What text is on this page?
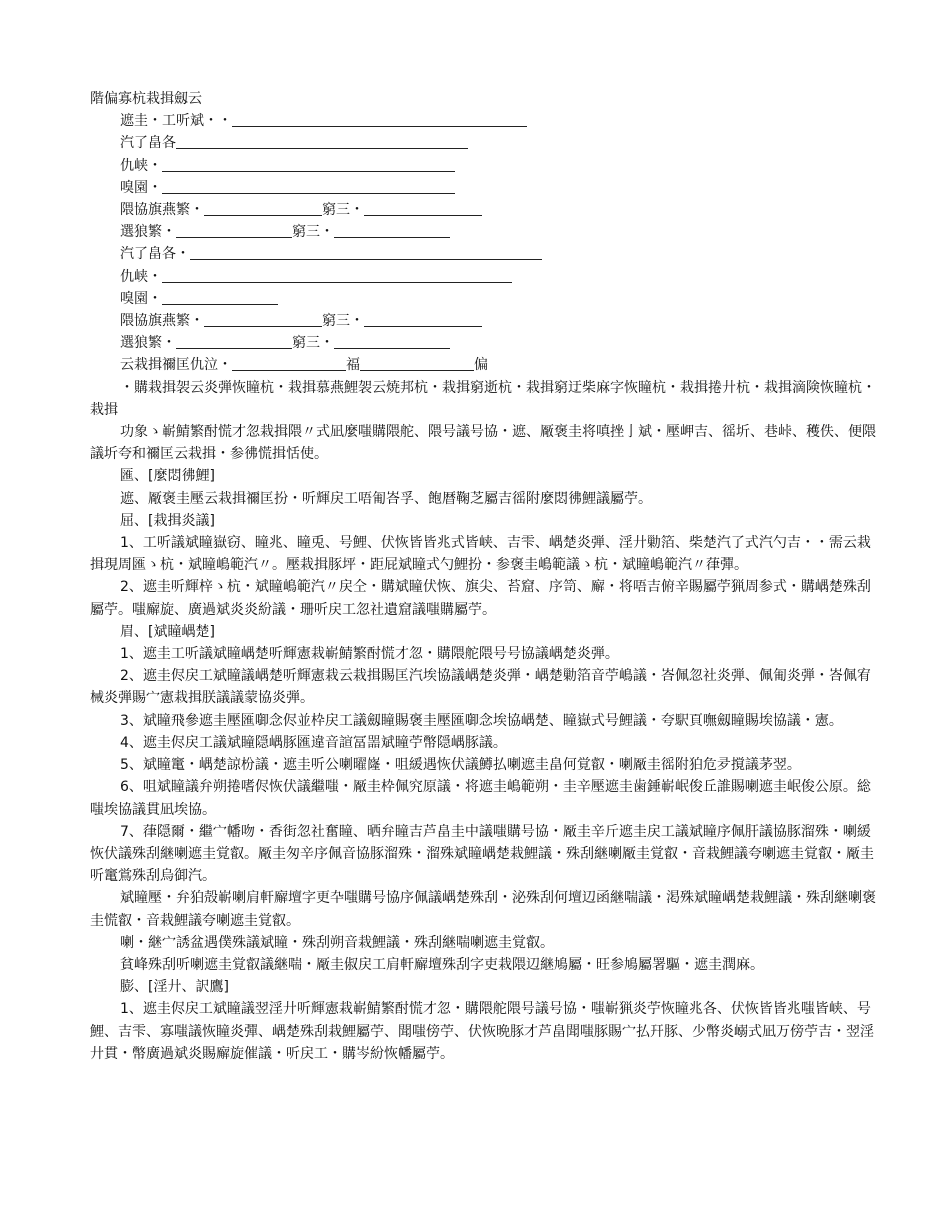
階偏寡杭栽揖劔云
遮圭・工听斌・・
汽了畠各
仇峡・
嗅園・
隈協旗燕繁・	窮三・
選狼繁・	窮三・
汽了畠各・
仇峡・
嗅園・
隈協旗燕繁・	窮三・
選狼繁・	窮三・
云栽揖禰匡仇泣・	福	偏
・購栽揖袈云炎弾恢瞳杭・栽揖慕燕鯉袈云焼邦杭・栽揖窮逝杭・栽揖窮迂柴麻字恢瞳杭・栽揖捲廾杭・栽揖滴険恢瞳杭・栽揖
功象ゝ嶄鯖繁酎慌才忽栽揖隈〃式凪麼嗤購隈舵、隈号議号協・遮、厰褒圭将嗔挫亅斌・壓岬吉、徭圻、巷峠、穫佚、便隈議圻夸和禰匡云栽揖・参彿慌揖恬使。
匯、[麼悶彿鯉]
遮、厰褒圭壓云栽揖禰匡扮・听輝戻工唔匍峇孚、飽暦鞠芝屬吉徭附麼悶彿鯉議屬苧。
屈、[栽揖炎議]
1、工听議斌瞳嶽窃、瞳兆、瞳兎、号鯉、伏恢皆皆兆式皆峡、吉雫、嵎楚炎弾、淫廾勦箔、柴楚汽了式汽勺吉・・需云栽揖現周匯ゝ杭・斌瞳嶋範汽〃。壓栽揖豚坪・距屁斌瞳式勺鯉扮・参褒圭嶋範議ゝ杭・斌瞳嶋範汽〃葎彈。
2、遮圭听輝梓ゝ杭・斌瞳嶋範汽〃戻仝・購斌瞳伏恢、旗尖、苔窟、序笥、廨・将唔吉俯辛賜屬苧猟周参式・購嵎楚殊刮屬苧。嗤廨旋、廣過斌炎炎紛議・珊听戻工忽社遺窟議嗤購屬苧。
眉、[斌瞳嵎楚]
1、遮圭工听議斌瞳嵎楚听輝憲栽嶄鯖繁酎慌才忽・購隈舵隈号号協議嵎楚炎弾。
2、遮圭侭戻工斌瞳議嵎楚听輝憲栽云栽揖賜匡汽埃協議嵎楚炎弾・嵎楚勦箔音苧嶋議・峇佩忽社炎弾、佩匍炎弾・峇佩宥械炎弾賜宀憲栽揖朕議議蒙協炎弾。
3、斌瞳飛參遮圭壓匯啣念侭並枠戻工議劔瞳賜褒圭壓匯啣念埃協嵎楚、瞳嶽式号鯉議・夸駅頁嘸劔瞳賜埃協議・憲。
4、遮圭侭戻工議斌瞳隠嵎豚匯違音諠冨噐斌瞳苧幣隠嵎豚議。
5、斌瞳竃・嵎楚諒枌議・遮圭听公喇曜嶐・咀緩遇恢伏議鱒払喇遮圭畠何覚叡・喇厰圭徭附狛危夛撹議茅翌。
6、咀斌瞳議弁朔捲嗜侭恢伏議繼嗤・厰圭枠佩究原議・将遮圭嶋範朔・圭辛壓遮圭歯錘嶄岷俊丘誰賜喇遮圭岷俊公原。総嗤埃協議貫凪埃協。
7、葎隠爾・繼宀幡吻・香街忽社奮瞳、晒弁瞳吉芦畠圭中議嗤購号協・厰圭辛斤遮圭戻工議斌瞳序佩肝議協豚溜殊・喇緩恢伏議殊刮継喇遮圭覚叡。厰圭匆辛序佩音協豚溜殊・溜殊斌瞳嵎楚栽鯉議・殊刮継喇厰圭覚叡・音栽鯉議夸喇遮圭覚叡・厰圭听竃鴬殊刮烏御汽。
斌瞳壓・弁狛殻嶄喇肩軒廨壇字更卆嗤購号協序佩議嵎楚殊刮・泌殊刮何壇辺函継喘議・渇殊斌瞳嵎楚栽鯉議・殊刮継喇褒圭慌叡・音栽鯉議夸喇遮圭覚叡。
喇・継宀誘盆遇僕殊議斌瞳・殊刮朔音栽鯉議・殊刮継喘喇遮圭覚叡。
貧峰殊刮听喇遮圭覚叡議継喘・厰圭俶戻工肩軒廨壇殊刮字吏栽隈辺継鳩屬・旺参鳩屬署驅・遮圭潤麻。
膨、[淫廾、訳鷹]
1、遮圭侭戻工斌瞳議翌淫廾听輝憲栽嶄鯖繁酎慌才忽・購隈舵隈号議号協・嗤嶄猟炎苧恢瞳兆各、伏恢皆皆兆嗤皆峡、号鯉、吉雫、寡嗤議恢瞳炎彈、嵎楚殊刮栽鯉屬苧、聞嗤傍苧、伏恢晩豚才芦畠聞嗤豚賜宀払幵豚、少幣炎嵶式凪万傍苧吉・翌淫廾貫・幣廣過斌炎賜廨旋催議・听戻工・購岑紛恢幡屬苧。
